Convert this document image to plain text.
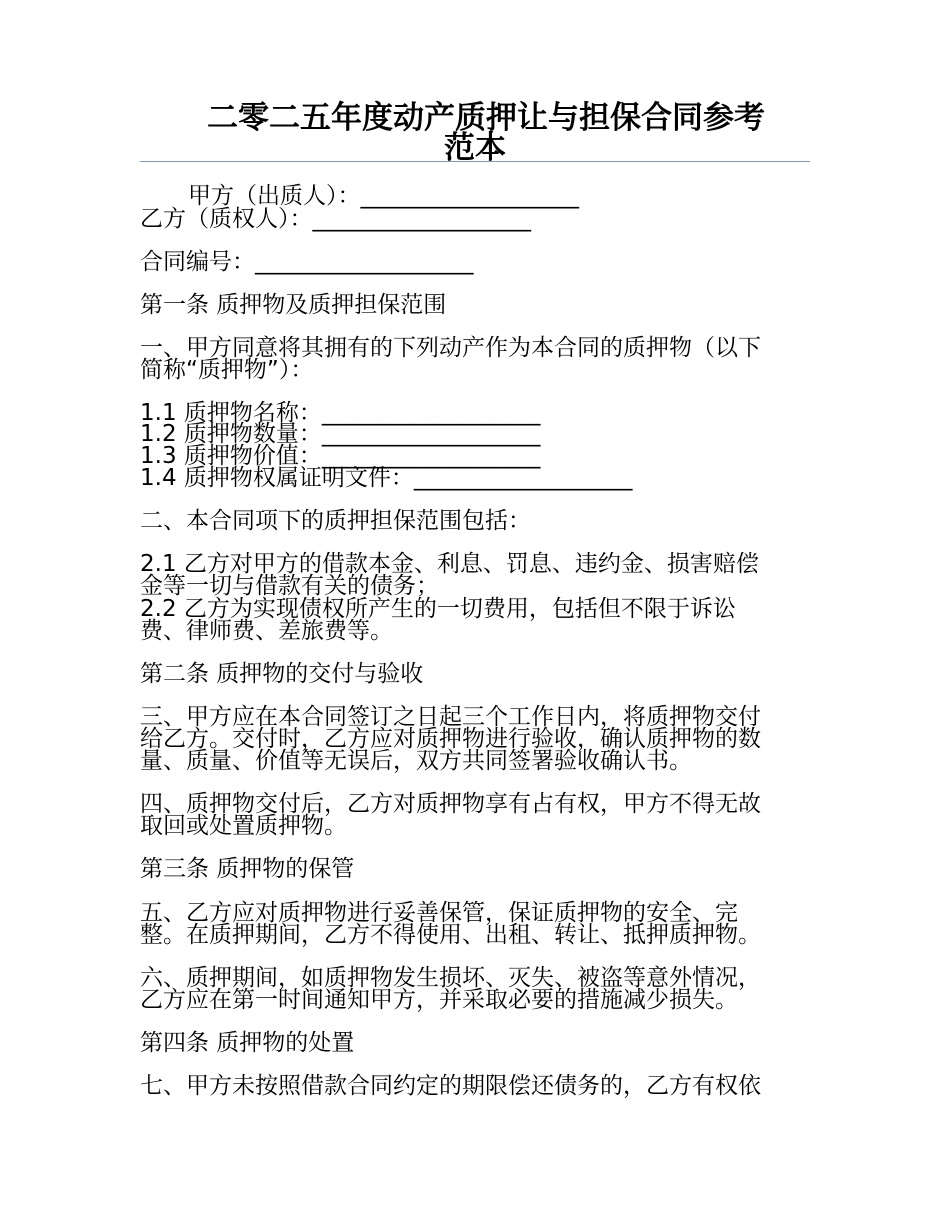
二零二五年度动产质押让与担保合同参考
范本
甲方（出质人）：___________________
乙方（质权人）：___________________
合同编号：___________________
第一条 质押物及质押担保范围
一、甲方同意将其拥有的下列动产作为本合同的质押物（以下
简称“质押物”）：
1.1 质押物名称：___________________
1.2 质押物数量：___________________
1.3 质押物价值：___________________
1.4 质押物权属证明文件：___________________
二、本合同项下的质押担保范围包括：
2.1 乙方对甲方的借款本金、利息、罚息、违约金、损害赔偿
金等一切与借款有关的债务；
2.2 乙方为实现债权所产生的一切费用，包括但不限于诉讼
费、律师费、差旅费等。
第二条 质押物的交付与验收
三、甲方应在本合同签订之日起三个工作日内，将质押物交付
给乙方。交付时，乙方应对质押物进行验收，确认质押物的数
量、质量、价值等无误后，双方共同签署验收确认书。
四、质押物交付后，乙方对质押物享有占有权，甲方不得无故
取回或处置质押物。
第三条 质押物的保管
五、乙方应对质押物进行妥善保管，保证质押物的安全、完
整。在质押期间，乙方不得使用、出租、转让、抵押质押物。
六、质押期间，如质押物发生损坏、灭失、被盗等意外情况，
乙方应在第一时间通知甲方，并采取必要的措施减少损失。
第四条 质押物的处置
七、甲方未按照借款合同约定的期限偿还债务的，乙方有权依
